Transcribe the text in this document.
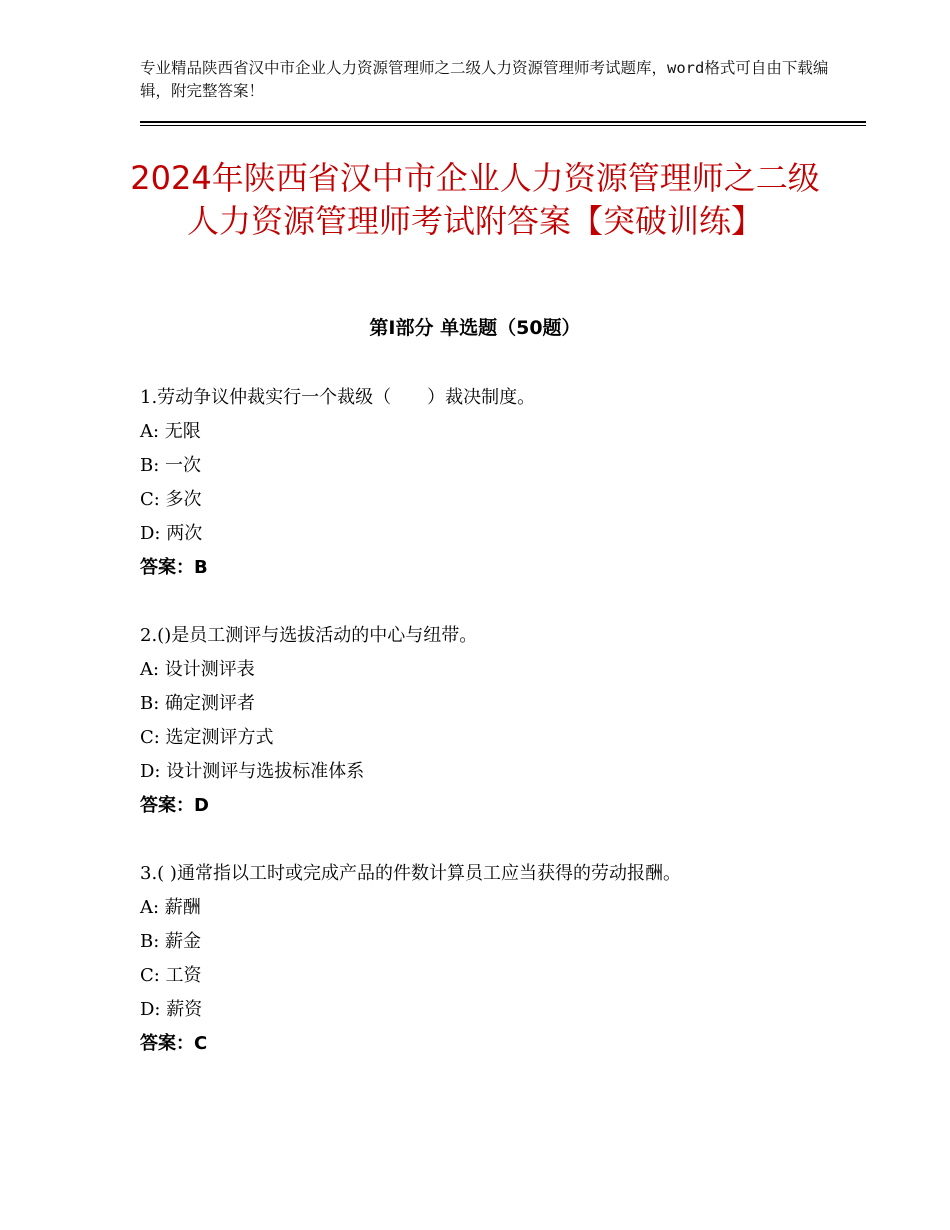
专业精品陕西省汉中市企业人力资源管理师之二级人力资源管理师考试题库，word格式可自由下载编辑，附完整答案！
2024年陕西省汉中市企业人力资源管理师之二级人力资源管理师考试附答案【突破训练】
第Ⅰ部分 单选题（50题）
1.劳动争议仲裁实行一个裁级（　　）裁决制度。
A: 无限
B: 一次
C: 多次
D: 两次
答案：B
2.()是员工测评与选拔活动的中心与纽带。
A: 设计测评表
B: 确定测评者
C: 选定测评方式
D: 设计测评与选拔标准体系
答案：D
3.( )通常指以工时或完成产品的件数计算员工应当获得的劳动报酬。
A: 薪酬
B: 薪金
C: 工资
D: 薪资
答案：C
